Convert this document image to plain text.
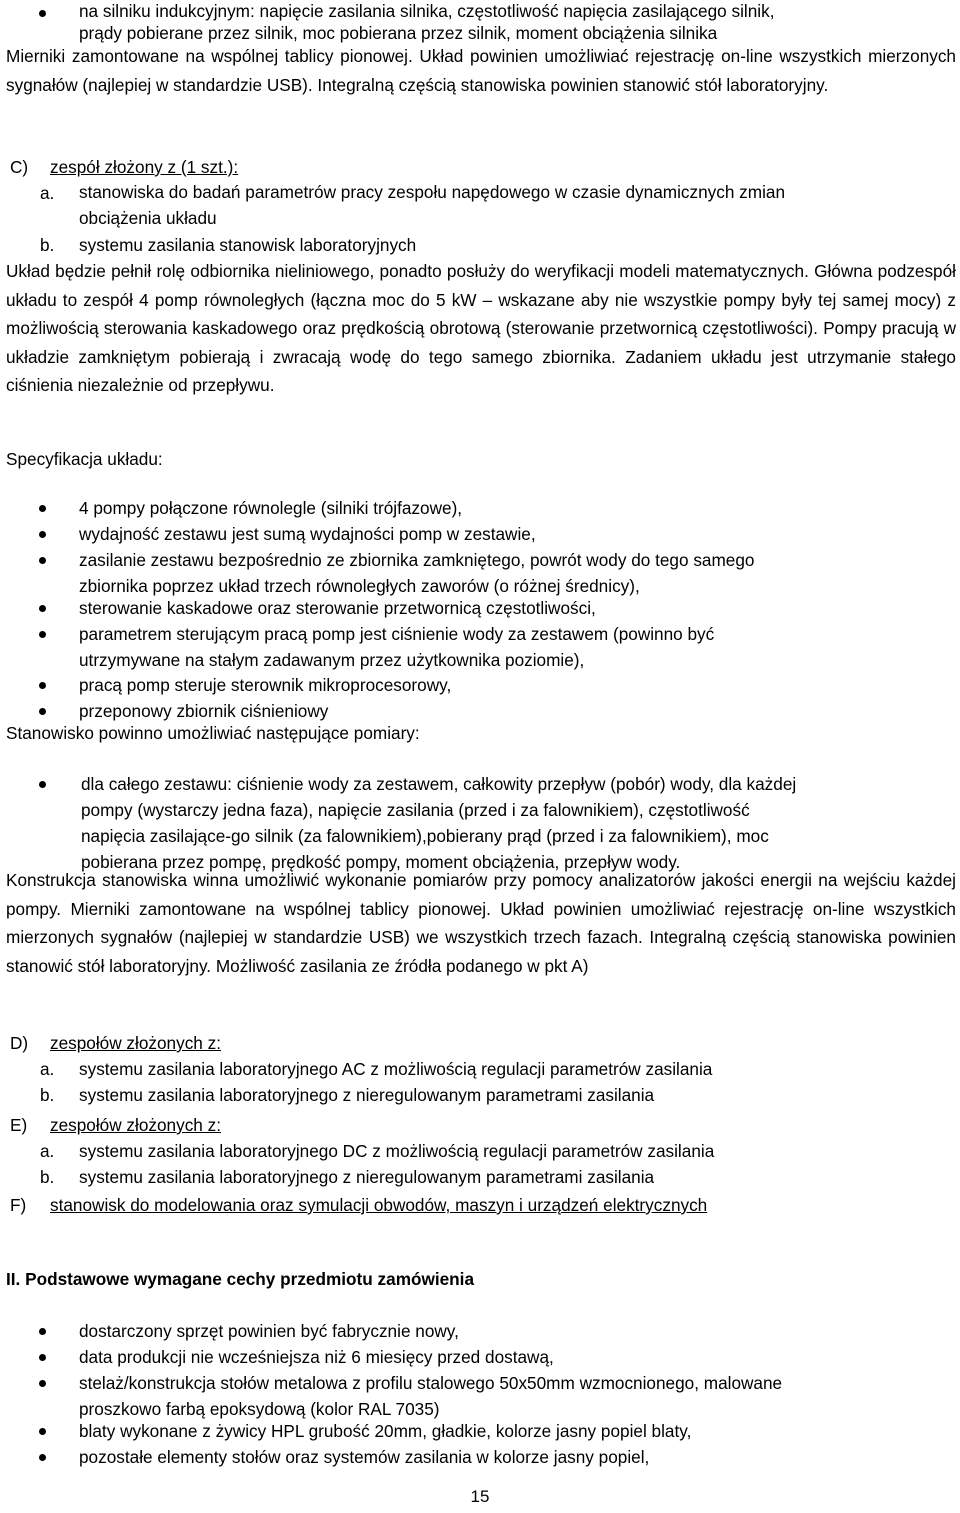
na silniku indukcyjnym: napięcie zasilania silnika, częstotliwość napięcia zasilającego silnik,
prądy pobierane przez silnik, moc pobierana przez silnik, moment obciążenia silnika

Mierniki zamontowane na wspólnej tablicy pionowej. Układ powinien umożliwiać rejestrację on-line wszystkich mierzonych sygnałów (najlepiej w standardzie USB). Integralną częścią stanowiska powinien stanowić stół laboratoryjny.

C) zespół złożony z (1 szt.):
a. stanowiska do badań parametrów pracy zespołu napędowego w czasie dynamicznych zmian
obciążenia układu
b. systemu zasilania stanowisk laboratoryjnych

Układ będzie pełnił rolę odbiornika nieliniowego, ponadto posłuży do weryfikacji modeli matematycznych. Główna podzespół układu to zespół 4 pomp równoległych (łączna moc do 5 kW – wskazane aby nie wszystkie pompy były tej samej mocy) z możliwością sterowania kaskadowego oraz prędkością obrotową (sterowanie przetwornicą częstotliwości). Pompy pracują w układzie zamkniętym pobierają i zwracają wodę do tego samego zbiornika. Zadaniem układu jest utrzymanie stałego ciśnienia niezależnie od przepływu.

Specyfikacja układu:
4 pompy połączone równolegle (silniki trójfazowe),
wydajność zestawu jest sumą wydajności pomp w zestawie,
zasilanie zestawu bezpośrednio ze zbiornika zamkniętego, powrót wody do tego samego
zbiornika poprzez układ trzech równoległych zaworów (o różnej średnicy),
sterowanie kaskadowe oraz sterowanie przetwornicą częstotliwości,
parametrem sterującym pracą pomp jest ciśnienie wody za zestawem (powinno być
utrzymywane na stałym zadawanym przez użytkownika poziomie),
pracą pomp steruje sterownik mikroprocesorowy,
przeponowy zbiornik ciśnieniowy
Stanowisko powinno umożliwiać następujące pomiary:
dla całego zestawu: ciśnienie wody za zestawem, całkowity przepływ (pobór) wody, dla każdej
pompy (wystarczy jedna faza), napięcie zasilania (przed i za falownikiem), częstotliwość
napięcia zasilające-go silnik (za falownikiem),pobierany prąd (przed i za falownikiem), moc
pobierana przez pompę, prędkość pompy, moment obciążenia, przepływ wody.

Konstrukcja stanowiska winna umożliwić wykonanie pomiarów przy pomocy analizatorów jakości energii na wejściu każdej pompy. Mierniki zamontowane na wspólnej tablicy pionowej. Układ powinien umożliwiać rejestrację on-line wszystkich mierzonych sygnałów (najlepiej w standardzie USB) we wszystkich trzech fazach. Integralną częścią stanowiska powinien stanowić stół laboratoryjny. Możliwość zasilania ze źródła podanego w pkt A)

D) zespołów złożonych z:
a. systemu zasilania laboratoryjnego AC z możliwością regulacji parametrów zasilania
b. systemu zasilania laboratoryjnego z nieregulowanym parametrami zasilania
E) zespołów złożonych z:
a. systemu zasilania laboratoryjnego DC z możliwością regulacji parametrów zasilania
b. systemu zasilania laboratoryjnego z nieregulowanym parametrami zasilania
F) stanowisk do modelowania oraz symulacji obwodów, maszyn i urządzeń elektrycznych
II. Podstawowe wymagane cechy przedmiotu zamówienia
dostarczony sprzęt powinien być fabrycznie nowy,
data produkcji nie wcześniejsza niż 6 miesięcy przed dostawą,
stelaż/konstrukcja stołów metalowa z profilu stalowego 50x50mm wzmocnionego, malowane
proszkowo farbą epoksydową (kolor RAL 7035)
blaty wykonane z żywicy HPL grubość 20mm, gładkie, kolorze jasny popiel blaty,
pozostałe elementy stołów oraz systemów zasilania w kolorze jasny popiel,
15
